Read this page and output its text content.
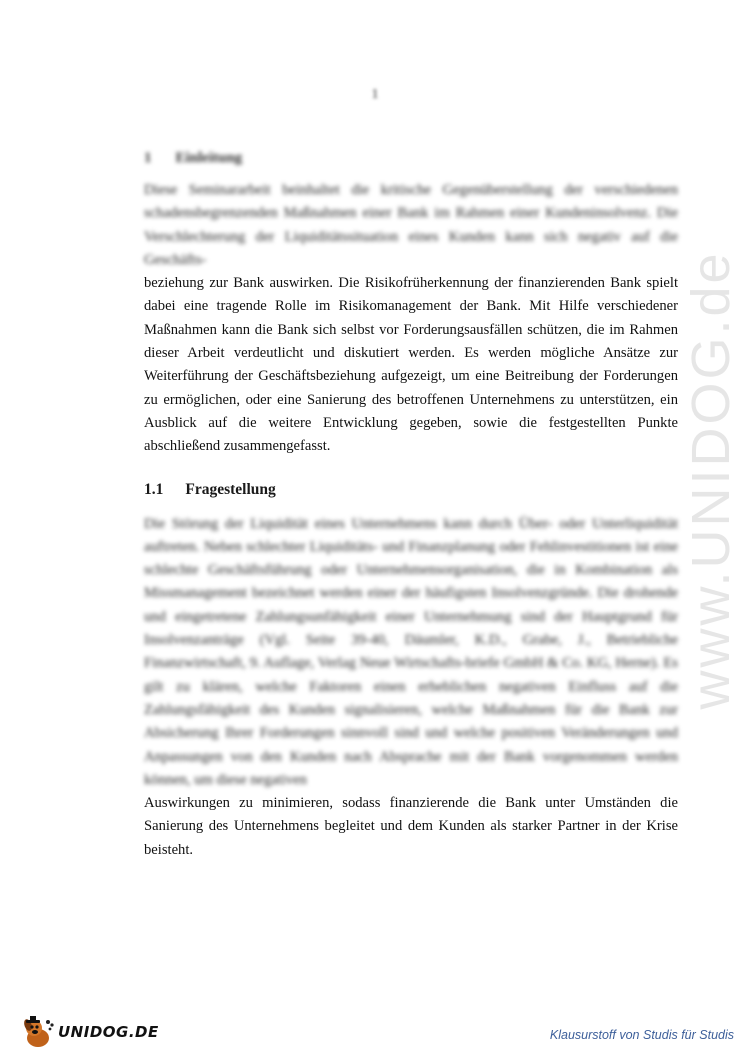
1
www.UNIDOG.de
1 Einleitung

Diese Seminararbeit beinhaltet die kritische Gegenüberstellung der verschiedenen schadensbegrenzenden Maßnahmen einer Bank im Rahmen einer Kundeninsolvenz. Die Verschlechterung der Liquiditätssituation eines Kunden kann sich negativ auf die Geschäfts-

beziehung zur Bank auswirken. Die Risikofrüherkennung der finanzierenden Bank spielt dabei eine tragende Rolle im Risikomanagement der Bank. Mit Hilfe verschiedener Maßnahmen kann die Bank sich selbst vor Forderungsausfällen schützen, die im Rahmen dieser Arbeit verdeutlicht und diskutiert werden. Es werden mögliche Ansätze zur Weiterführung der Geschäftsbeziehung aufgezeigt, um eine Beitreibung der Forderungen zu ermöglichen, oder eine Sanierung des betroffenen Unternehmens zu unterstützen, ein Ausblick auf die weitere Entwicklung gegeben, sowie die festgestellten Punkte abschließend zusammengefasst.

1.1 Fragestellung

Die Störung der Liquidität eines Unternehmens kann durch Über- oder Unterliquidität auftreten. Neben schlechter Liquiditäts- und Finanzplanung oder Fehlinvestitionen ist eine schlechte Geschäftsführung oder Unternehmensorganisation, die in Kombination als Missmanagement bezeichnet werden einer der häufigsten Insolvenzgründe. Die drohende und eingetretene Zahlungsunfähigkeit einer Unternehmung sind der Hauptgrund für Insolvenzanträge (Vgl. Seite 39-40, Däumler, K.D., Grabe, J., Betriebliche Finanzwirtschaft, 9. Auflage, Verlag Neue Wirtschafts-briefe GmbH & Co. KG, Herne). Es gilt zu klären, welche Faktoren einen erheblichen negativen Einfluss auf die Zahlungsfähigkeit des Kunden signalisieren, welche Maßnahmen für die Bank zur Absicherung Ihrer Forderungen sinnvoll sind und welche positiven Veränderungen und Anpassungen von den Kunden nach Absprache mit der Bank vorgenommen werden können, um diese negativen

Auswirkungen zu minimieren, sodass finanzierende die Bank unter Umständen die Sanierung des Unternehmens begleitet und dem Kunden als starker Partner in der Krise beisteht.

UNIDOG.DE	Klausurstoff von Studis für Studis
